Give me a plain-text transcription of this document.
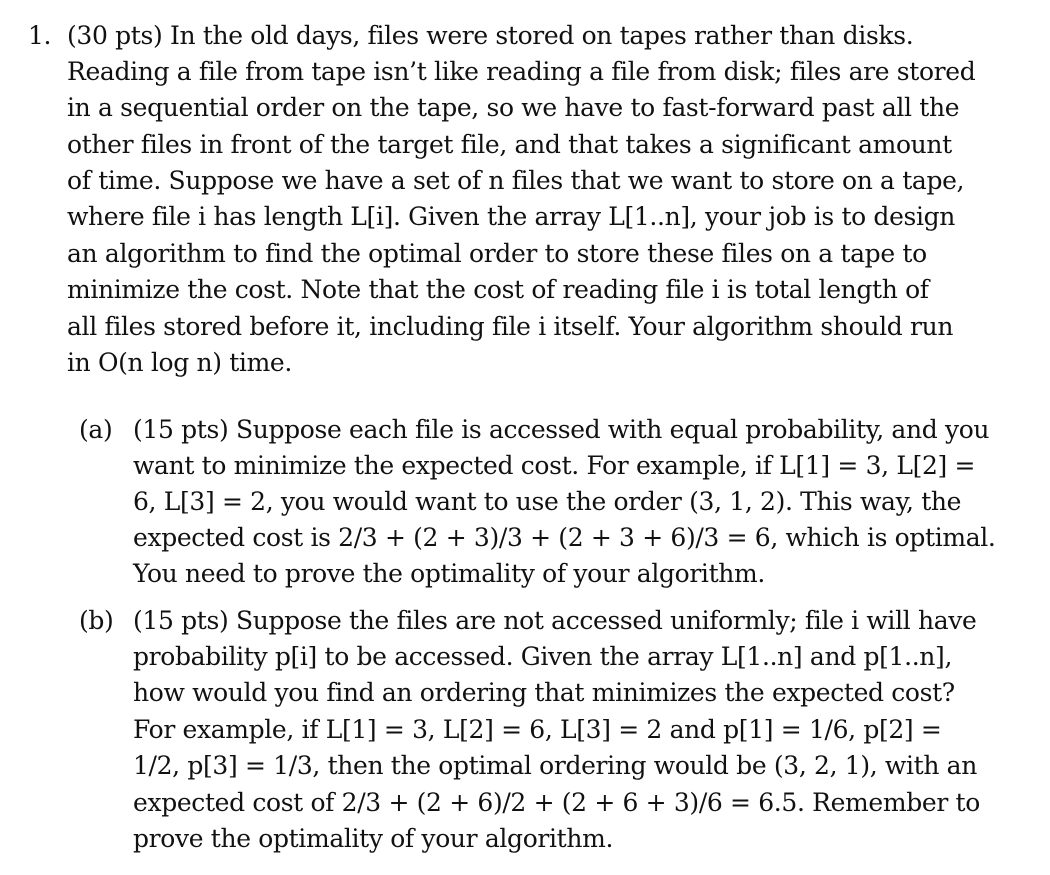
1. (30 pts) In the old days, files were stored on tapes rather than disks.
Reading a file from tape isn’t like reading a file from disk; files are stored
in a sequential order on the tape, so we have to fast-forward past all the
other files in front of the target file, and that takes a significant amount
of time. Suppose we have a set of n files that we want to store on a tape,
where file i has length L[i]. Given the array L[1..n], your job is to design
an algorithm to find the optimal order to store these files on a tape to
minimize the cost. Note that the cost of reading file i is total length of
all files stored before it, including file i itself. Your algorithm should run
in O(n log n) time.
(a) (15 pts) Suppose each file is accessed with equal probability, and you
want to minimize the expected cost. For example, if L[1] = 3, L[2] =
6, L[3] = 2, you would want to use the order (3, 1, 2). This way, the
expected cost is 2/3 + (2 + 3)/3 + (2 + 3 + 6)/3 = 6, which is optimal.
You need to prove the optimality of your algorithm.
(b) (15 pts) Suppose the files are not accessed uniformly; file i will have
probability p[i] to be accessed. Given the array L[1..n] and p[1..n],
how would you find an ordering that minimizes the expected cost?
For example, if L[1] = 3, L[2] = 6, L[3] = 2 and p[1] = 1/6, p[2] =
1/2, p[3] = 1/3, then the optimal ordering would be (3, 2, 1), with an
expected cost of 2/3 + (2 + 6)/2 + (2 + 6 + 3)/6 = 6.5. Remember to
prove the optimality of your algorithm.
